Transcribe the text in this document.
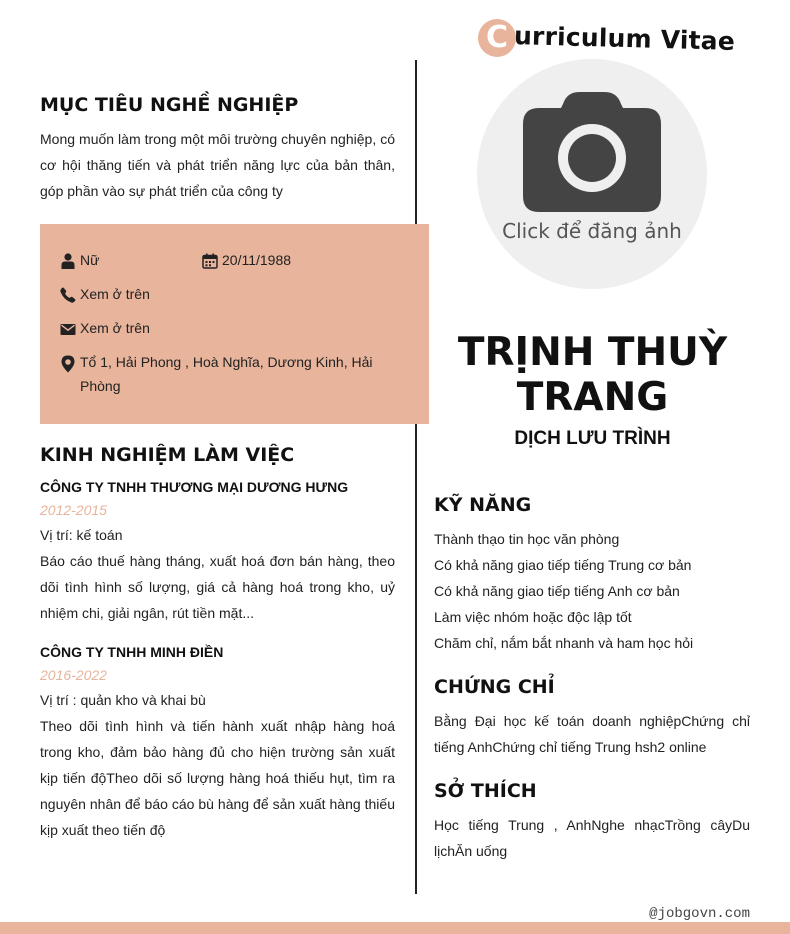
C urriculum Vitae
Click để đăng ảnh
TRỊNH THUỲ TRANG
DỊCH LƯU TRÌNH
MỤC TIÊU NGHỀ NGHIỆP
Mong muốn làm trong một môi trường chuyên nghiệp, có cơ hội thăng tiến và phát triển năng lực của bản thân, góp phần vào sự phát triển của công ty
Nữ	20/11/1988
Xem ở trên
Xem ở trên
Tổ 1, Hải Phong , Hoà Nghĩa, Dương Kinh, Hải Phòng
KINH NGHIỆM LÀM VIỆC
CÔNG TY TNHH THƯƠNG MẠI DƯƠNG HƯNG
2012-2015
Vị trí: kế toán
Báo cáo thuế hàng tháng, xuất hoá đơn bán hàng, theo dõi tình hình số lượng, giá cả hàng hoá trong kho, uỷ nhiệm chi, giải ngân, rút tiền mặt...
CÔNG TY TNHH MINH ĐIỀN
2016-2022
Vị trí : quản kho và khai bù
Theo dõi tình hình và tiến hành xuất nhập hàng hoá trong kho, đảm bảo hàng đủ cho hiện trường sản xuất kịp tiến độTheo dõi số lượng hàng hoá thiếu hụt, tìm ra nguyên nhân để báo cáo bù hàng để sản xuất hàng thiếu kịp xuất theo tiến độ
KỸ NĂNG
Thành thạo tin học văn phòng
Có khả năng giao tiếp tiếng Trung cơ bản
Có khả năng giao tiếp tiếng Anh cơ bản
Làm việc nhóm hoặc độc lập tốt
Chăm chỉ, nắm bắt nhanh và ham học hỏi
CHỨNG CHỈ
Bằng Đại học kế toán doanh nghiệpChứng chỉ tiếng AnhChứng chỉ tiếng Trung hsh2 online
SỞ THÍCH
Học tiếng Trung , AnhNghe nhạcTrồng câyDu lịchĂn uống
@jobgovn.com
